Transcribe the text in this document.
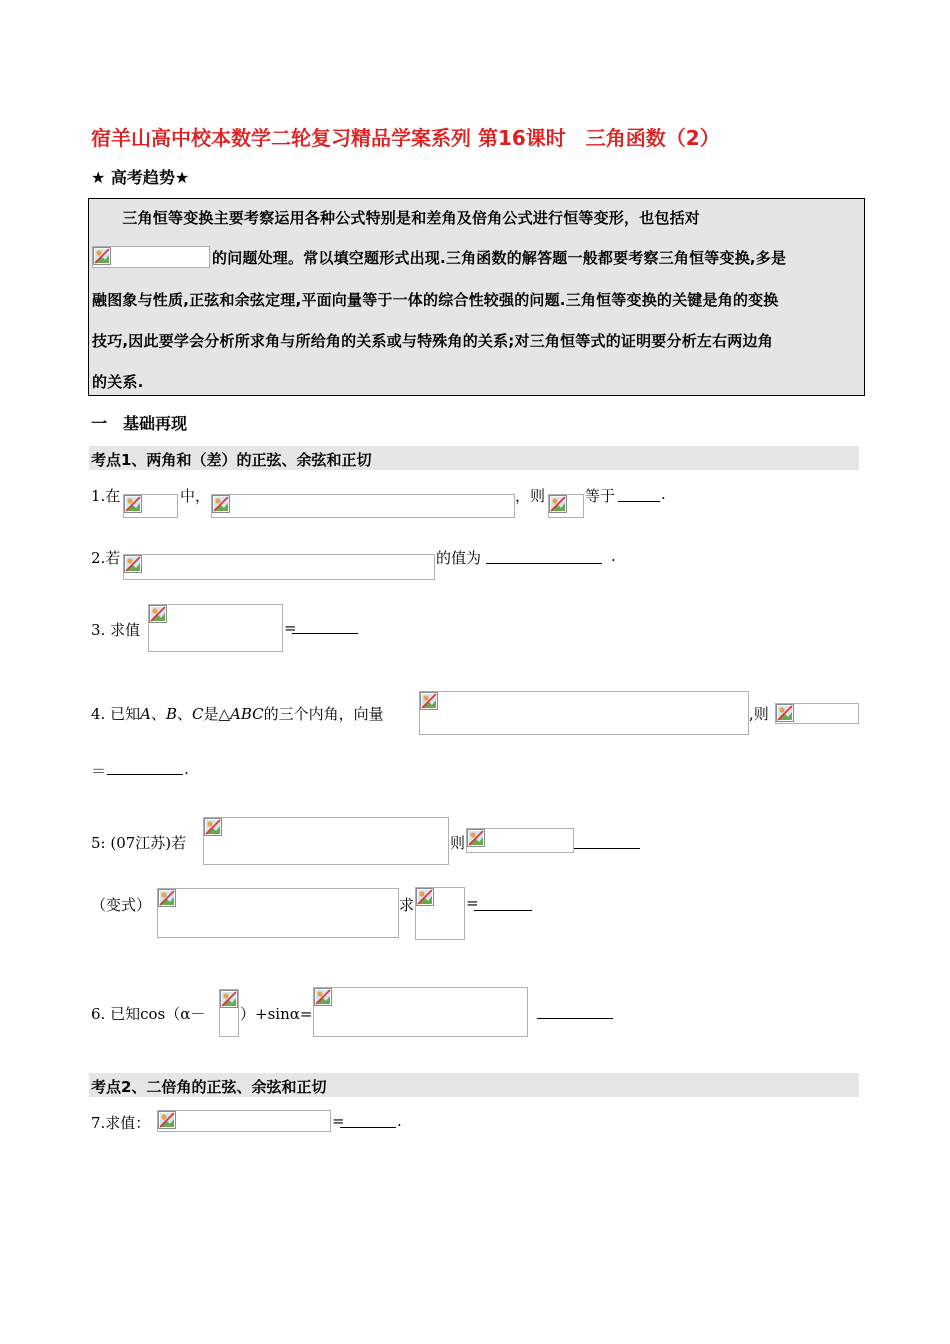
宿羊山高中校本数学二轮复习精品学案系列 第16课时　三角函数（2）
★ 高考趋势★
　　三角恒等变换主要考察运用各种公式特别是和差角及倍角公式进行恒等变形，也包括对
的问题处理。常以填空题形式出现.三角函数的解答题一般都要考察三角恒等变换,多是
融图象与性质,正弦和余弦定理,平面向量等于一体的综合性较强的问题.三角恒等变换的关键是角的变换
技巧,因此要学会分析所求角与所给角的关系或与特殊角的关系;对三角恒等式的证明要分析左右两边角
的关系.
一　基础再现
考点1、两角和（差）的正弦、余弦和正切
1.在	中，	，则	等于	.
2.若	的值为	.
3. 求值	=
4. 已知A、B、C是△ABC的三个内角，向量	,则
＝	.
5: (07江苏)若	则
（变式）	求	=
6. 已知cos（α－ ）+sinα=
考点2、二倍角的正弦、余弦和正切
7.求值：	=	.
